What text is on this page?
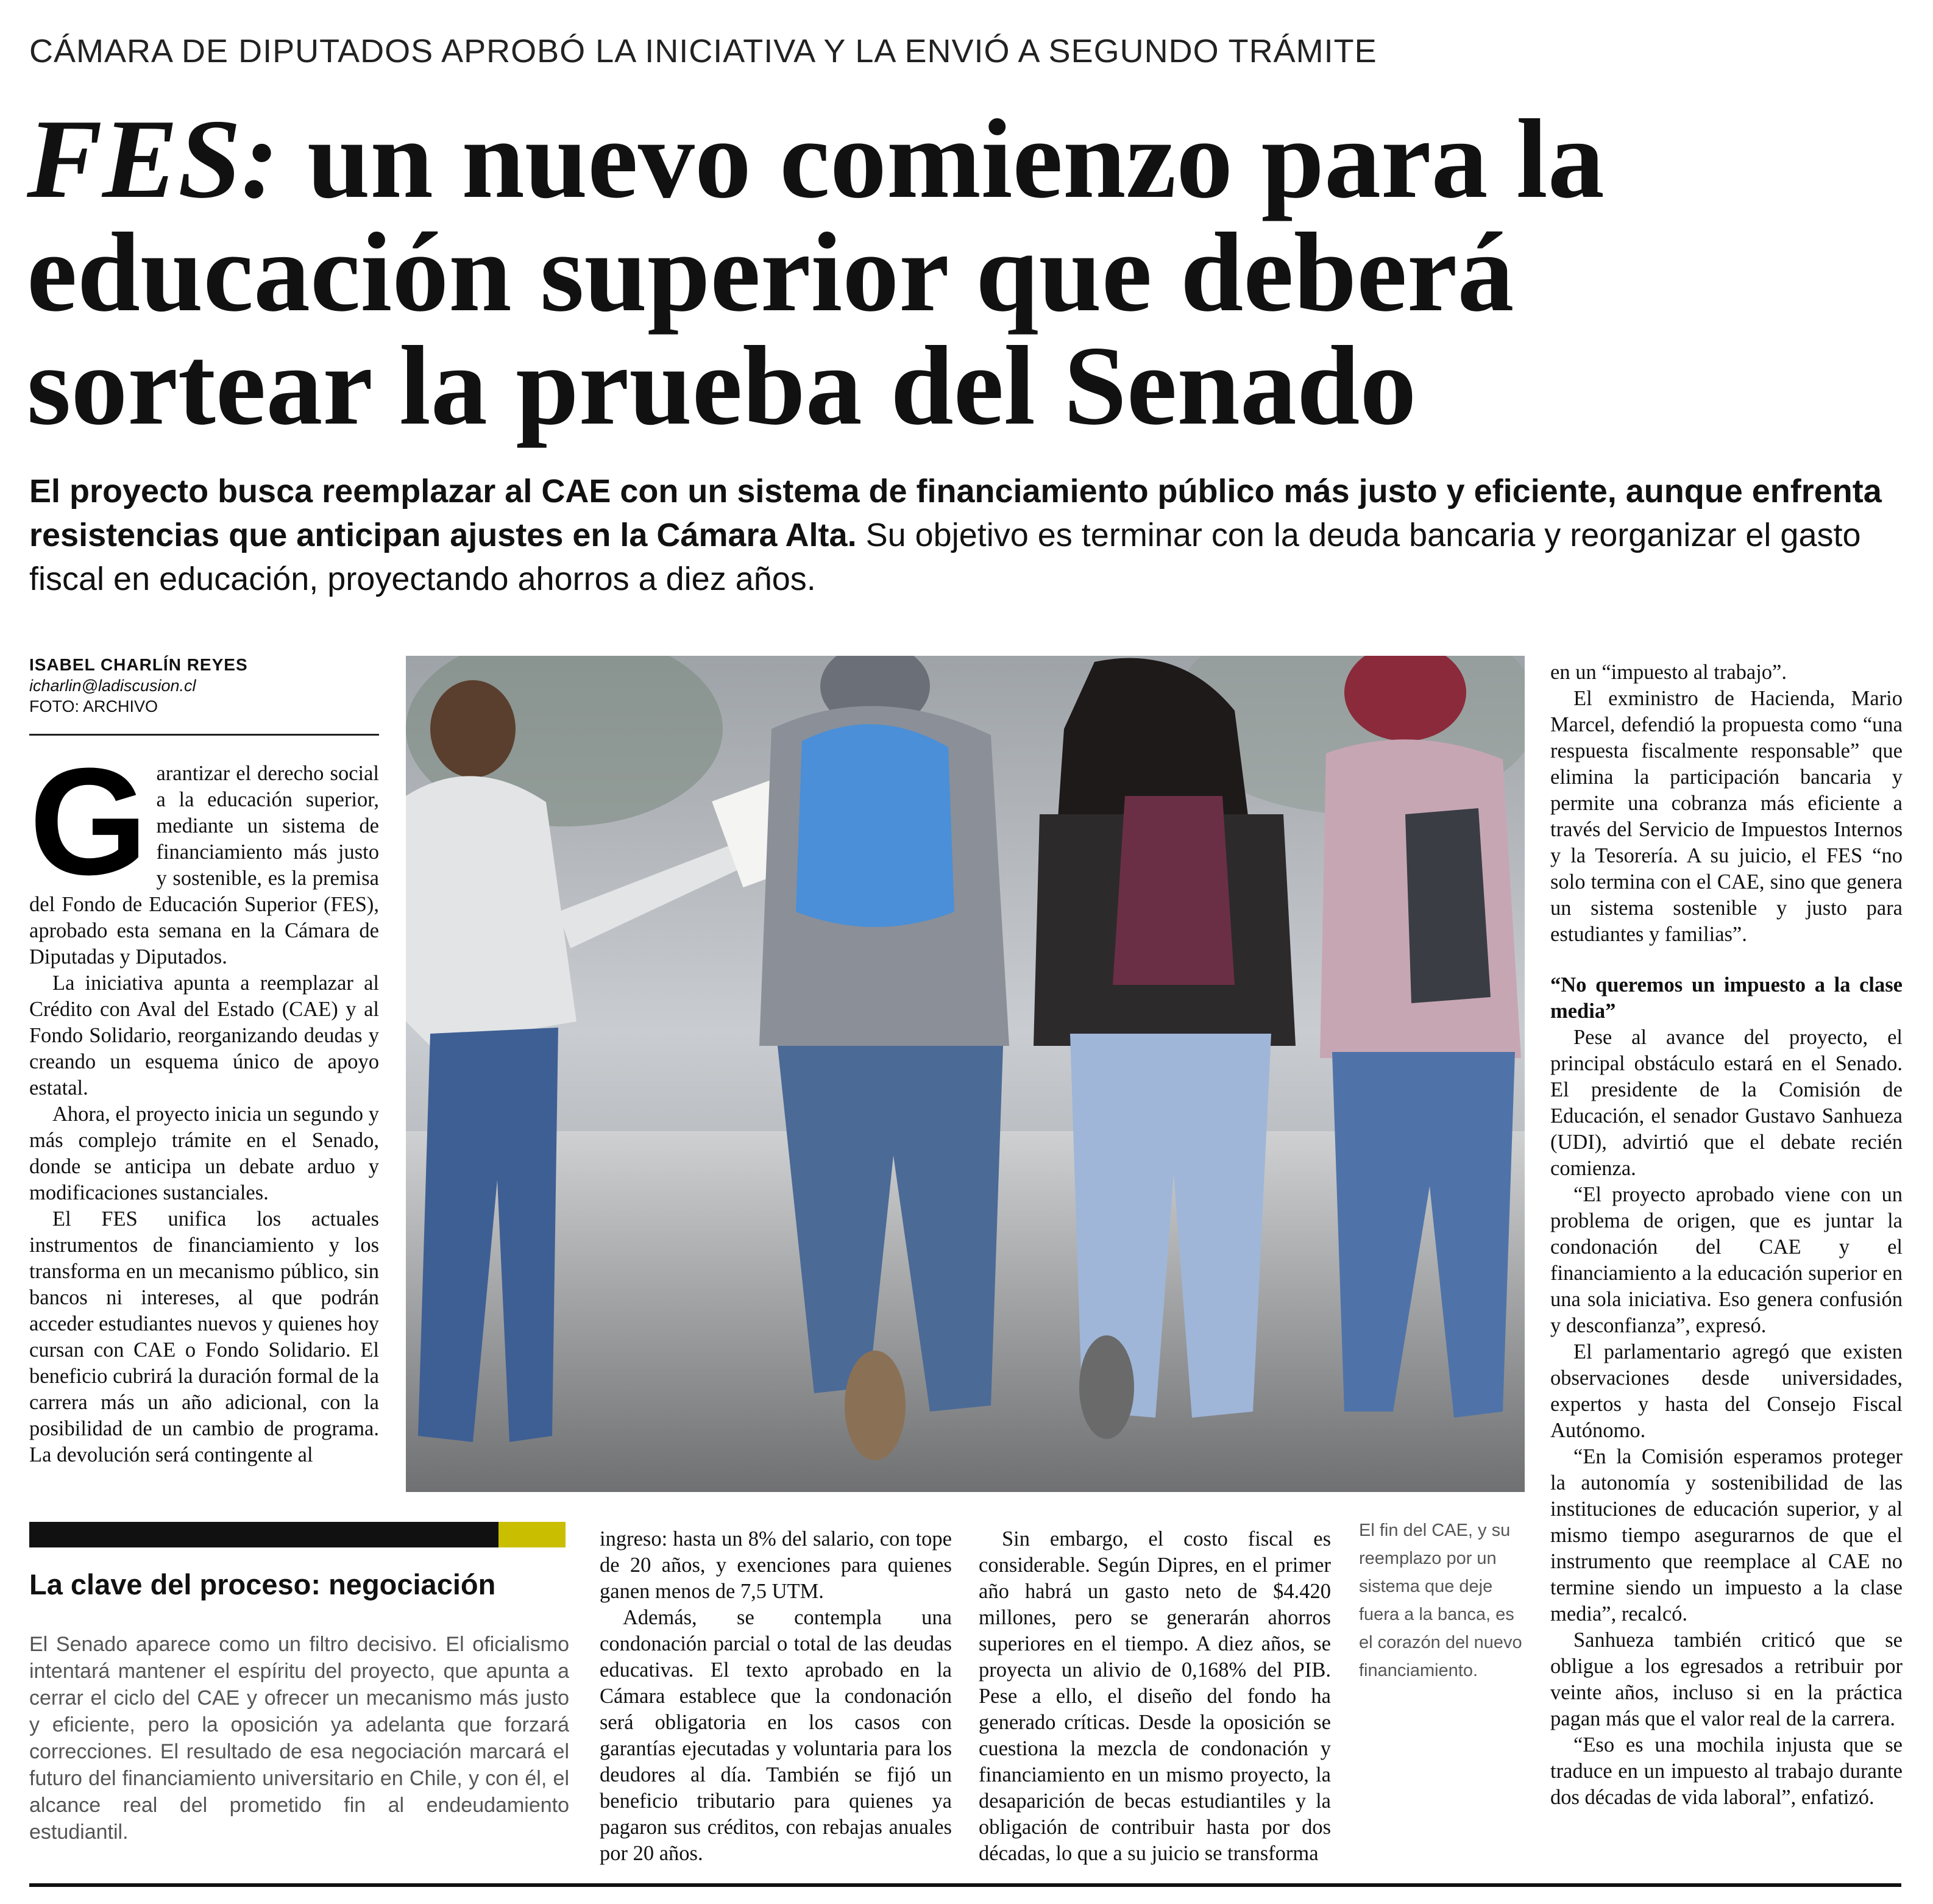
CÁMARA DE DIPUTADOS APROBÓ LA INICIATIVA Y LA ENVIÓ A SEGUNDO TRÁMITE
FES: un nuevo comienzo para la
educación superior que deberá
sortear la prueba del Senado
El proyecto busca reemplazar al CAE con un sistema de financiamiento público más justo y eficiente, aunque enfrenta resistencias que anticipan ajustes en la Cámara Alta. Su objetivo es terminar con la deuda bancaria y reorganizar el gasto fiscal en educación, proyectando ahorros a diez años.
ISABEL CHARLÍN REYES
icharlin@ladiscusion.cl
FOTO: ARCHIVO

Garantizar el derecho social a la educación superior, mediante un sistema de financiamiento más justo y sostenible, es la premisa del Fondo de Educación Superior (FES), aprobado esta semana en la Cámara de Diputadas y Diputados.

La iniciativa apunta a reemplazar al Crédito con Aval del Estado (CAE) y al Fondo Solidario, reorganizando deudas y creando un esquema único de apoyo estatal.

Ahora, el proyecto inicia un segundo y más complejo trámite en el Senado, donde se anticipa un debate arduo y modificaciones sustanciales.

El FES unifica los actuales instrumentos de financiamiento y los transforma en un mecanismo público, sin bancos ni intereses, al que podrán acceder estudiantes nuevos y quienes hoy cursan con CAE o Fondo Solidario. El beneficio cubrirá la duración formal de la carrera más un año adicional, con la posibilidad de un cambio de programa. La devolución será contingente al

en un “impuesto al trabajo”.

El exministro de Hacienda, Mario Marcel, defendió la propuesta como “una respuesta fiscalmente responsable” que elimina la participación bancaria y permite una cobranza más eficiente a través del Servicio de Impuestos Internos y la Tesorería. A su juicio, el FES “no solo termina con el CAE, sino que genera un sistema sostenible y justo para estudiantes y familias”.

“No queremos un impuesto a la clase media”

Pese al avance del proyecto, el principal obstáculo estará en el Senado. El presidente de la Comisión de Educación, el senador Gustavo Sanhueza (UDI), advirtió que el debate recién comienza.

“El proyecto aprobado viene con un problema de origen, que es juntar la condonación del CAE y el financiamiento a la educación superior en una sola iniciativa. Eso genera confusión y desconfianza”, expresó.

El parlamentario agregó que existen observaciones desde universidades, expertos y hasta del Consejo Fiscal Autónomo.

“En la Comisión esperamos proteger la autonomía y sostenibilidad de las instituciones de educación superior, y al mismo tiempo asegurarnos de que el instrumento que reemplace al CAE no termine siendo un impuesto a la clase media”, recalcó.

Sanhueza también criticó que se obligue a los egresados a retribuir por veinte años, incluso si en la práctica pagan más que el valor real de la carrera.

“Eso es una mochila injusta que se traduce en un impuesto al trabajo durante dos décadas de vida laboral”, enfatizó.

La clave del proceso: negociación
El Senado aparece como un filtro decisivo. El oficialismo intentará mantener el espíritu del proyecto, que apunta a cerrar el ciclo del CAE y ofrecer un mecanismo más justo y eficiente, pero la oposición ya adelanta que forzará correcciones. El resultado de esa negociación marcará el futuro del financiamiento universitario en Chile, y con él, el alcance real del prometido fin al endeudamiento estudiantil.

ingreso: hasta un 8% del salario, con tope de 20 años, y exenciones para quienes ganen menos de 7,5 UTM.

Además, se contempla una condonación parcial o total de las deudas educativas. El texto aprobado en la Cámara establece que la condonación será obligatoria en los casos con garantías ejecutadas y voluntaria para los deudores al día. También se fijó un beneficio tributario para quienes ya pagaron sus créditos, con rebajas anuales por 20 años.

Sin embargo, el costo fiscal es considerable. Según Dipres, en el primer año habrá un gasto neto de $4.420 millones, pero se generarán ahorros superiores en el tiempo. A diez años, se proyecta un alivio de 0,168% del PIB. Pese a ello, el diseño del fondo ha generado críticas. Desde la oposición se cuestiona la mezcla de condonación y financiamiento en un mismo proyecto, la desaparición de becas estudiantiles y la obligación de contribuir hasta por dos décadas, lo que a su juicio se transforma

El fin del CAE, y su reemplazo por un sistema que deje fuera a la banca, es el corazón del nuevo financiamiento.
